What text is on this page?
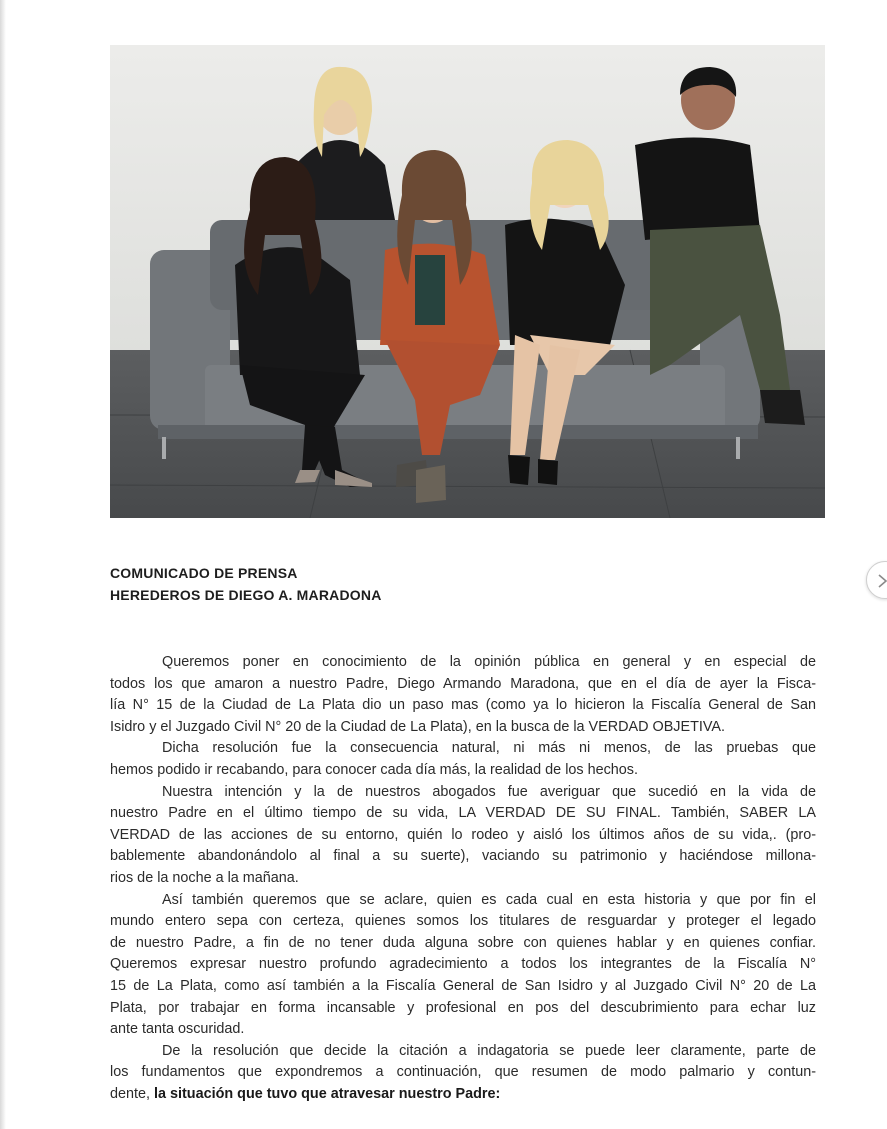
COMUNICADO DE PRENSA
HEREDEROS DE DIEGO A. MARADONA
Queremos poner en conocimiento de la opinión pública en general y en especial de
todos los que amaron a nuestro Padre, Diego Armando Maradona, que en el día de ayer la Fisca-
lía N° 15 de la Ciudad de La Plata dio un paso mas (como ya lo hicieron la Fiscalía General de San
Isidro y el Juzgado Civil N° 20 de la Ciudad de La Plata), en la busca de la VERDAD OBJETIVA.
Dicha resolución fue la consecuencia natural, ni más ni menos, de las pruebas que
hemos podido ir recabando, para conocer cada día más, la realidad de los hechos.
Nuestra intención y la de nuestros abogados fue averiguar que sucedió en la vida de
nuestro Padre en el último tiempo de su vida, LA VERDAD DE SU FINAL. También, SABER LA
VERDAD de las acciones de su entorno, quién lo rodeo y aisló los últimos años de su vida,. (pro-
bablemente abandonándolo al final a su suerte), vaciando su patrimonio y haciéndose millona-
rios de la noche a la mañana.
Así también queremos que se aclare, quien es cada cual en esta historia y que por fin el
mundo entero sepa con certeza, quienes somos los titulares de resguardar y proteger el legado
de nuestro Padre, a fin de no tener duda alguna sobre con quienes hablar y en quienes confiar.
Queremos expresar nuestro profundo agradecimiento a todos los integrantes de la Fiscalía N°
15 de La Plata, como así también a la Fiscalía General de San Isidro y al Juzgado Civil N° 20 de La
Plata, por trabajar en forma incansable y profesional en pos del descubrimiento para echar luz
ante tanta oscuridad.
De la resolución que decide la citación a indagatoria se puede leer claramente, parte de
los fundamentos que expondremos a continuación, que resumen de modo palmario y contun-
dente, la situación que tuvo que atravesar nuestro Padre:
